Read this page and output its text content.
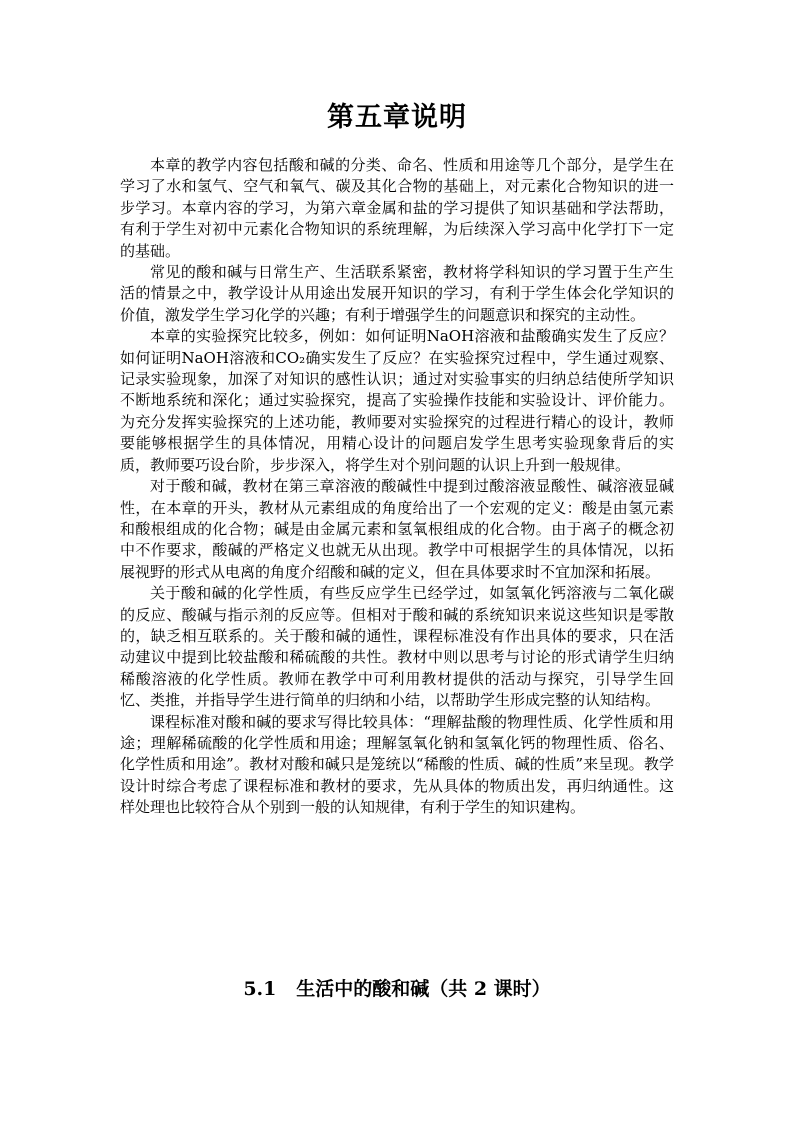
第五章说明

本章的教学内容包括酸和碱的分类、命名、性质和用途等几个部分，是学生在学习了水和氢气、空气和氧气、碳及其化合物的基础上，对元素化合物知识的进一步学习。本章内容的学习，为第六章金属和盐的学习提供了知识基础和学法帮助，有利于学生对初中元素化合物知识的系统理解，为后续深入学习高中化学打下一定的基础。

常见的酸和碱与日常生产、生活联系紧密，教材将学科知识的学习置于生产生活的情景之中，教学设计从用途出发展开知识的学习，有利于学生体会化学知识的价值，激发学生学习化学的兴趣；有利于增强学生的问题意识和探究的主动性。

本章的实验探究比较多，例如：如何证明NaOH溶液和盐酸确实发生了反应？如何证明NaOH溶液和CO₂确实发生了反应？在实验探究过程中，学生通过观察、记录实验现象，加深了对知识的感性认识；通过对实验事实的归纳总结使所学知识不断地系统和深化；通过实验探究，提高了实验操作技能和实验设计、评价能力。为充分发挥实验探究的上述功能，教师要对实验探究的过程进行精心的设计，教师要能够根据学生的具体情况，用精心设计的问题启发学生思考实验现象背后的实质，教师要巧设台阶，步步深入，将学生对个别问题的认识上升到一般规律。

对于酸和碱，教材在第三章溶液的酸碱性中提到过酸溶液显酸性、碱溶液显碱性，在本章的开头，教材从元素组成的角度给出了一个宏观的定义：酸是由氢元素和酸根组成的化合物；碱是由金属元素和氢氧根组成的化合物。由于离子的概念初中不作要求，酸碱的严格定义也就无从出现。教学中可根据学生的具体情况，以拓展视野的形式从电离的角度介绍酸和碱的定义，但在具体要求时不宜加深和拓展。

关于酸和碱的化学性质，有些反应学生已经学过，如氢氧化钙溶液与二氧化碳的反应、酸碱与指示剂的反应等。但相对于酸和碱的系统知识来说这些知识是零散的，缺乏相互联系的。关于酸和碱的通性，课程标准没有作出具体的要求，只在活动建议中提到比较盐酸和稀硫酸的共性。教材中则以思考与讨论的形式请学生归纳稀酸溶液的化学性质。教师在教学中可利用教材提供的活动与探究，引导学生回忆、类推，并指导学生进行简单的归纳和小结，以帮助学生形成完整的认知结构。

课程标准对酸和碱的要求写得比较具体：“理解盐酸的物理性质、化学性质和用途；理解稀硫酸的化学性质和用途；理解氢氧化钠和氢氧化钙的物理性质、俗名、化学性质和用途”。教材对酸和碱只是笼统以“稀酸的性质、碱的性质”来呈现。教学设计时综合考虑了课程标准和教材的要求，先从具体的物质出发，再归纳通性。这样处理也比较符合从个别到一般的认知规律，有利于学生的知识建构。

5.1   生活中的酸和碱（共 2 课时）
